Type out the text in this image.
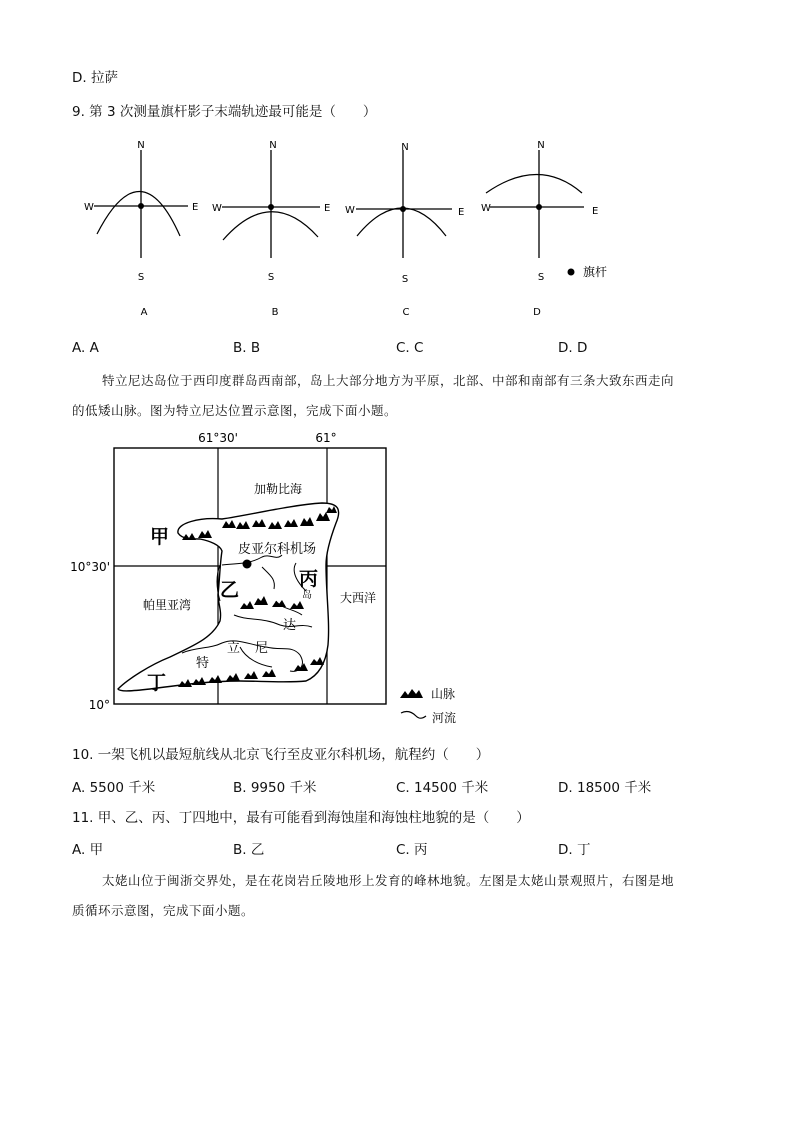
D. 拉萨
9. 第 3 次测量旗杆影子末端轨迹最可能是（　　）
N
S
E
W
A
N
S
E
W
B
N
S
E
W
C
N
S
E
W
D
旗杆
A. A	B. B	C. C	D. D
特立尼达岛位于西印度群岛西南部，岛上大部分地方为平原，北部、中部和南部有三条大致东西走向
的低矮山脉。图为特立尼达位置示意图，完成下面小题。
61°30'	61°
10°30'
10°
加勒比海
帕里亚湾	大西洋
皮亚尔科机场
甲
乙	丙
丁
岛
达
尼
立
特
山脉
河流
10. 一架飞机以最短航线从北京飞行至皮亚尔科机场，航程约（　　）
A. 5500 千米	B. 9950 千米	C. 14500 千米	D. 18500 千米
11. 甲、乙、丙、丁四地中，最有可能看到海蚀崖和海蚀柱地貌的是（　　）
A. 甲	B. 乙	C. 丙	D. 丁
太姥山位于闽浙交界处，是在花岗岩丘陵地形上发育的峰林地貌。左图是太姥山景观照片，右图是地
质循环示意图，完成下面小题。
